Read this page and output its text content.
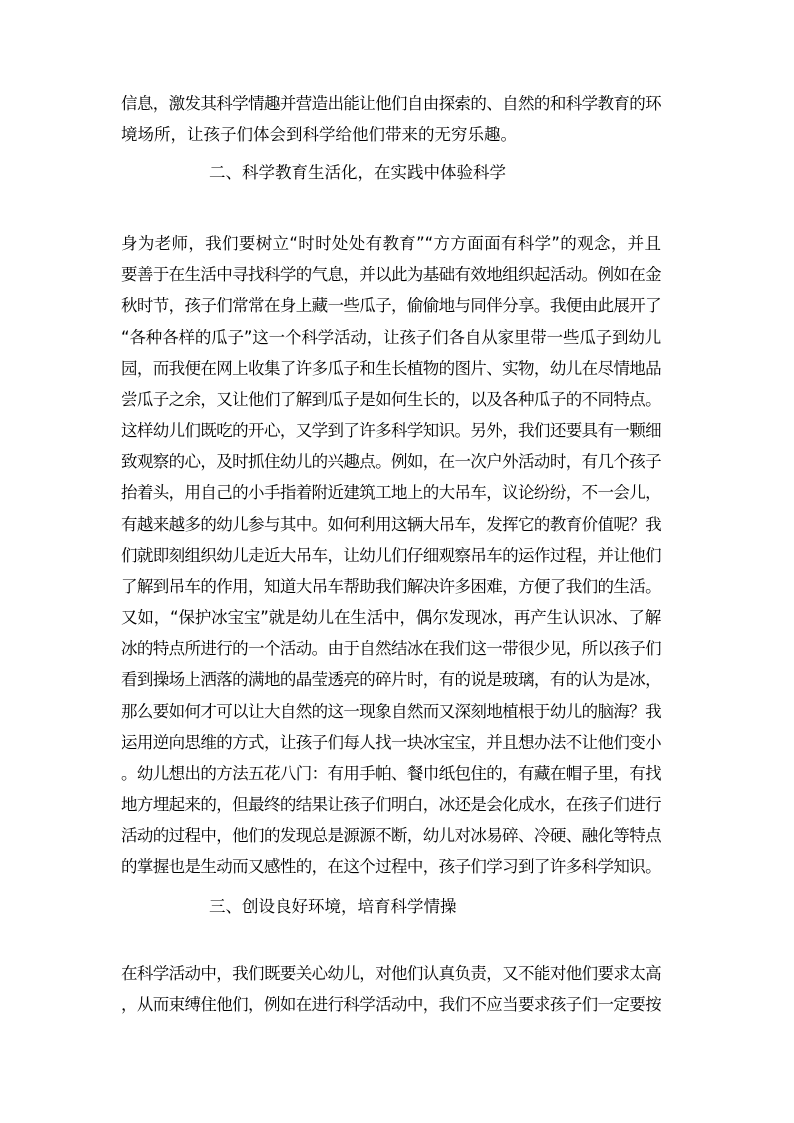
信息，激发其科学情趣并营造出能让他们自由探索的、自然的和科学教育的环
境场所，让孩子们体会到科学给他们带来的无穷乐趣。
二、科学教育生活化，在实践中体验科学
身为老师，我们要树立“时时处处有教育”“方方面面有科学”的观念，并且
要善于在生活中寻找科学的气息，并以此为基础有效地组织起活动。例如在金
秋时节，孩子们常常在身上藏一些瓜子，偷偷地与同伴分享。我便由此展开了
“各种各样的瓜子”这一个科学活动，让孩子们各自从家里带一些瓜子到幼儿
园，而我便在网上收集了许多瓜子和生长植物的图片、实物，幼儿在尽情地品
尝瓜子之余，又让他们了解到瓜子是如何生长的，以及各种瓜子的不同特点。
这样幼儿们既吃的开心，又学到了许多科学知识。另外，我们还要具有一颗细
致观察的心，及时抓住幼儿的兴趣点。例如，在一次户外活动时，有几个孩子
抬着头，用自己的小手指着附近建筑工地上的大吊车，议论纷纷，不一会儿，
有越来越多的幼儿参与其中。如何利用这辆大吊车，发挥它的教育价值呢？我
们就即刻组织幼儿走近大吊车，让幼儿们仔细观察吊车的运作过程，并让他们
了解到吊车的作用，知道大吊车帮助我们解决许多困难，方便了我们的生活。
又如，“保护冰宝宝”就是幼儿在生活中，偶尔发现冰，再产生认识冰、了解
冰的特点所进行的一个活动。由于自然结冰在我们这一带很少见，所以孩子们
看到操场上洒落的满地的晶莹透亮的碎片时，有的说是玻璃，有的认为是冰，
那么要如何才可以让大自然的这一现象自然而又深刻地植根于幼儿的脑海？我
运用逆向思维的方式，让孩子们每人找一块冰宝宝，并且想办法不让他们变小
。幼儿想出的方法五花八门：有用手帕、餐巾纸包住的，有藏在帽子里，有找
地方埋起来的，但最终的结果让孩子们明白，冰还是会化成水，在孩子们进行
活动的过程中，他们的发现总是源源不断，幼儿对冰易碎、冷硬、融化等特点
的掌握也是生动而又感性的，在这个过程中，孩子们学习到了许多科学知识。
三、创设良好环境，培育科学情操
在科学活动中，我们既要关心幼儿，对他们认真负责，又不能对他们要求太高
，从而束缚住他们，例如在进行科学活动中，我们不应当要求孩子们一定要按
